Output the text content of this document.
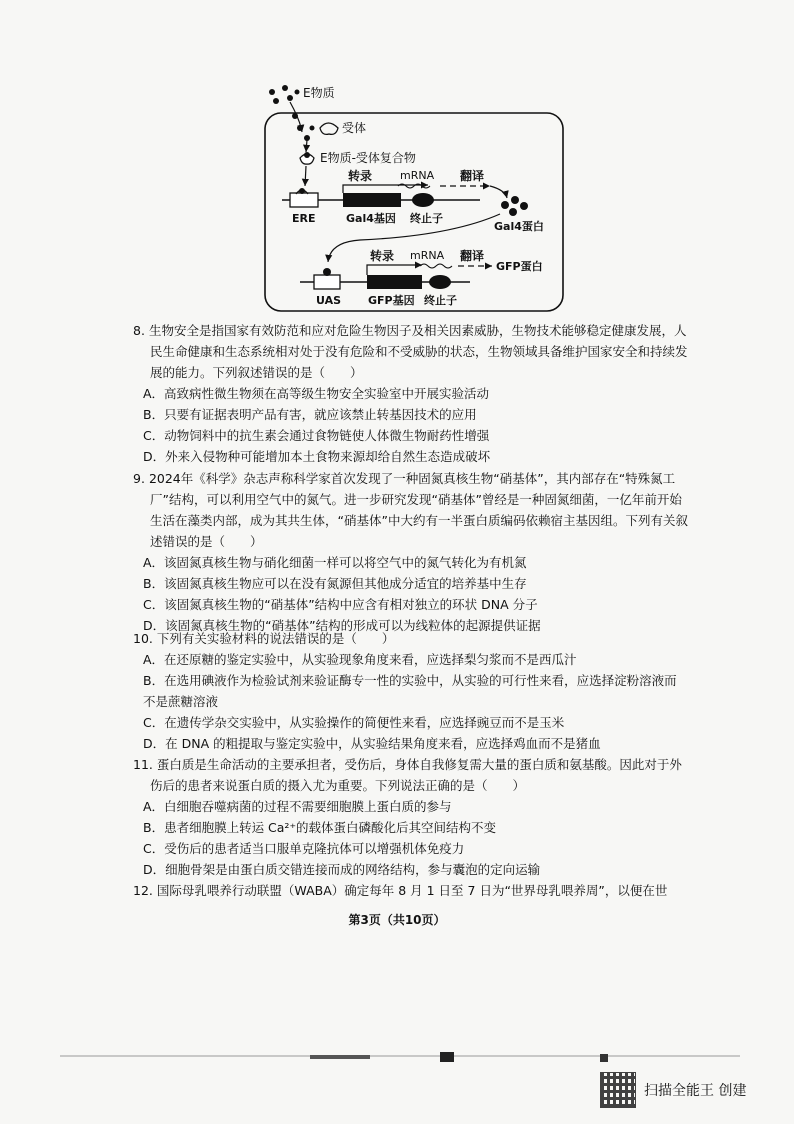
E物质
受体
E物质-受体复合物
转录	mRNA 翻译
ERE	Gal4基因 终止子
Gal4蛋白
转录 mRNA 翻译
GFP蛋白
UAS GFP基因 终止子

8. 生物安全是指国家有效防范和应对危险生物因子及相关因素威胁，生物技术能够稳定健康发展，人民生命健康和生态系统相对处于没有危险和不受威胁的状态，生物领域具备维护国家安全和持续发展的能力。下列叙述错误的是（　　）

A．高致病性微生物须在高等级生物安全实验室中开展实验活动

B．只要有证据表明产品有害，就应该禁止转基因技术的应用

C．动物饲料中的抗生素会通过食物链使人体微生物耐药性增强

D．外来入侵物种可能增加本土食物来源却给自然生态造成破坏

9. 2024年《科学》杂志声称科学家首次发现了一种固氮真核生物“硝基体”，其内部存在“特殊氮工厂”结构，可以利用空气中的氮气。进一步研究发现“硝基体”曾经是一种固氮细菌，一亿年前开始生活在藻类内部，成为其共生体，“硝基体”中大约有一半蛋白质编码依赖宿主基因组。下列有关叙述错误的是（　　）

A．该固氮真核生物与硝化细菌一样可以将空气中的氮气转化为有机氮

B．该固氮真核生物应可以在没有氮源但其他成分适宜的培养基中生存

C．该固氮真核生物的“硝基体”结构中应含有相对独立的环状 DNA 分子

D．该固氮真核生物的“硝基体”结构的形成可以为线粒体的起源提供证据

10. 下列有关实验材料的说法错误的是（　　）

A．在还原糖的鉴定实验中，从实验现象角度来看，应选择梨匀浆而不是西瓜汁

B．在选用碘液作为检验试剂来验证酶专一性的实验中，从实验的可行性来看，应选择淀粉溶液而不是蔗糖溶液

C．在遗传学杂交实验中，从实验操作的简便性来看，应选择豌豆而不是玉米

D．在 DNA 的粗提取与鉴定实验中，从实验结果角度来看，应选择鸡血而不是猪血

11. 蛋白质是生命活动的主要承担者，受伤后，身体自我修复需大量的蛋白质和氨基酸。因此对于外伤后的患者来说蛋白质的摄入尤为重要。下列说法正确的是（　　）

A．白细胞吞噬病菌的过程不需要细胞膜上蛋白质的参与

B．患者细胞膜上转运 Ca²⁺的载体蛋白磷酸化后其空间结构不变

C．受伤后的患者适当口服单克隆抗体可以增强机体免疫力

D．细胞骨架是由蛋白质交错连接而成的网络结构，参与囊泡的定向运输

12. 国际母乳喂养行动联盟（WABA）确定每年 8 月 1 日至 7 日为“世界母乳喂养周”，以便在世

第3页（共10页）
扫描全能王 创建
